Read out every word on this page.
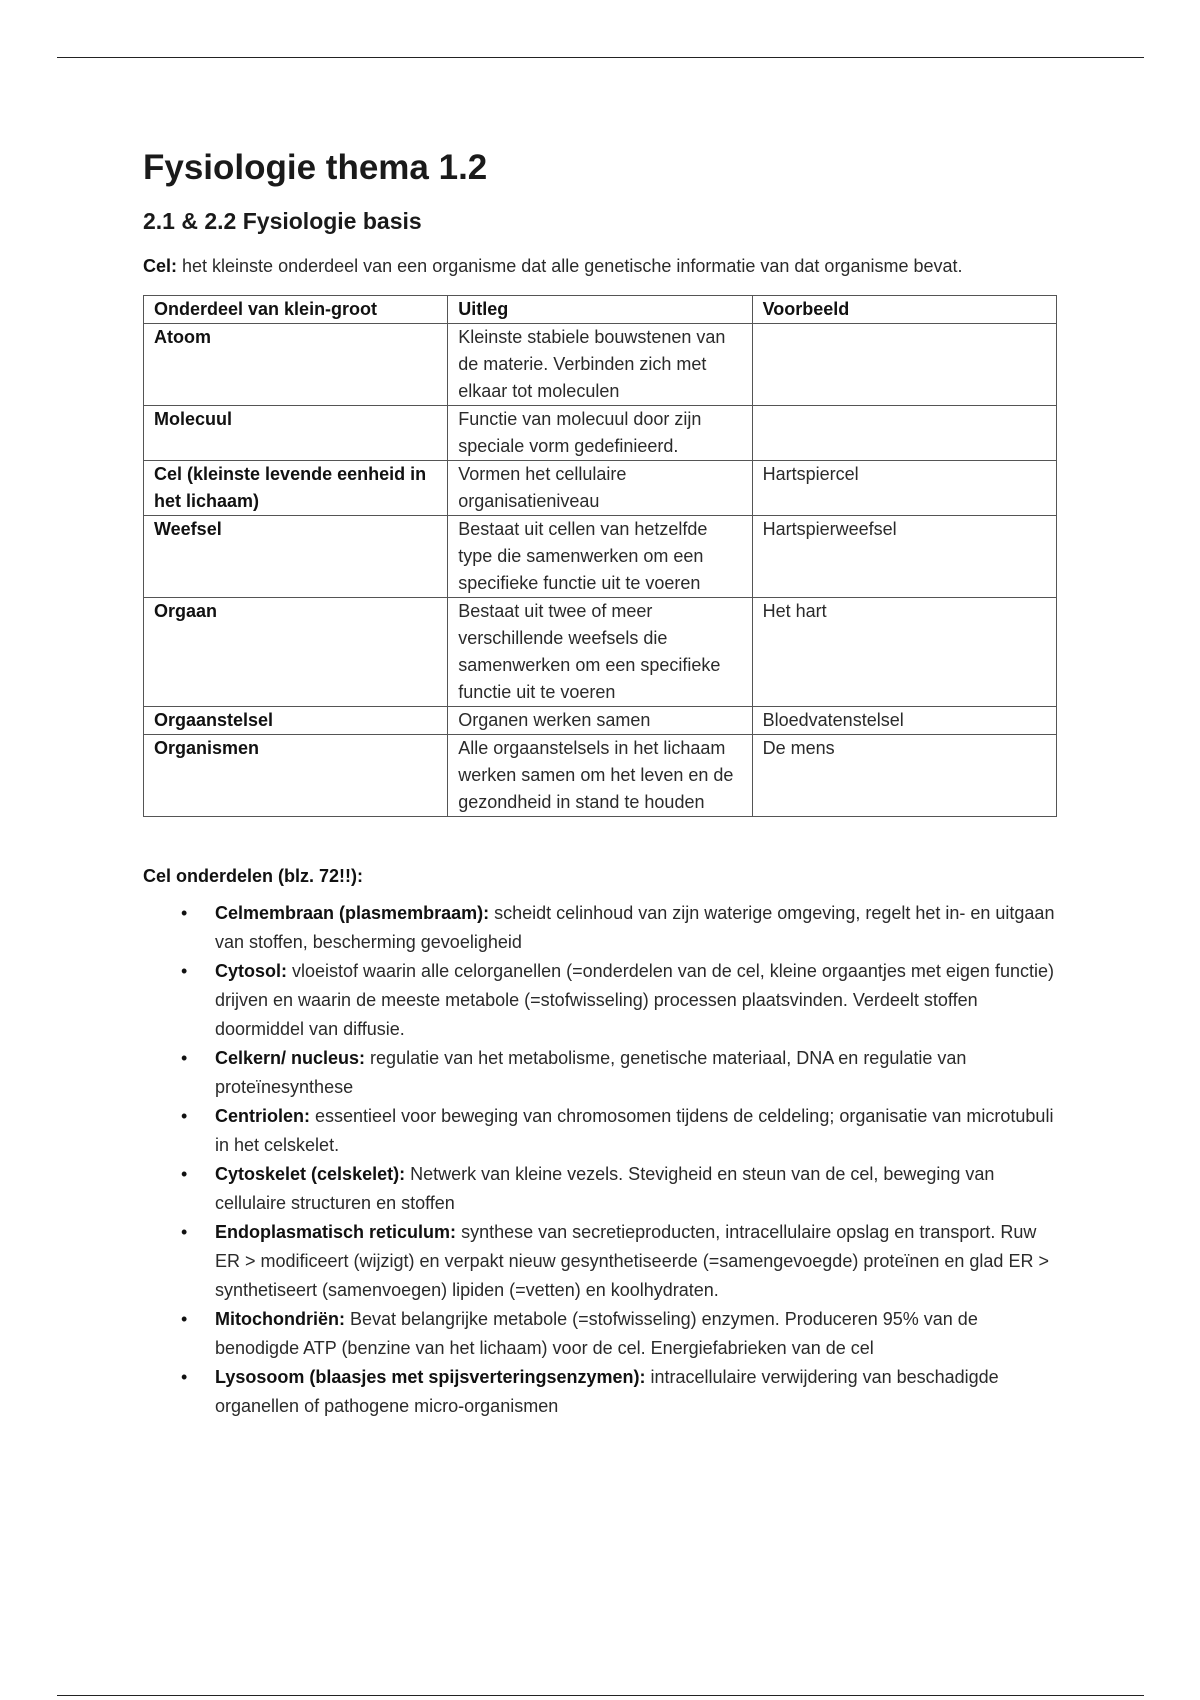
Fysiologie thema 1.2
2.1 & 2.2 Fysiologie basis

Cel: het kleinste onderdeel van een organisme dat alle genetische informatie van dat organisme bevat.

Onderdeel van klein-groot	Uitleg	Voorbeeld
Atoom	Kleinste stabiele bouwstenen van de materie. Verbinden zich met elkaar tot moleculen	
Molecuul	Functie van molecuul door zijn speciale vorm gedefinieerd.	
Cel (kleinste levende eenheid in het lichaam)	Vormen het cellulaire organisatieniveau	Hartspiercel
Weefsel	Bestaat uit cellen van hetzelfde type die samenwerken om een specifieke functie uit te voeren	Hartspierweefsel
Orgaan	Bestaat uit twee of meer verschillende weefsels die samenwerken om een specifieke functie uit te voeren	Het hart
Orgaanstelsel	Organen werken samen	Bloedvatenstelsel
Organismen	Alle orgaanstelsels in het lichaam werken samen om het leven en de gezondheid in stand te houden	De mens

Cel onderdelen (blz. 72!!):

• Celmembraan (plasmembraam): scheidt celinhoud van zijn waterige omgeving, regelt het in- en uitgaan van stoffen, bescherming gevoeligheid
• Cytosol: vloeistof waarin alle celorganellen (=onderdelen van de cel, kleine orgaantjes met eigen functie) drijven en waarin de meeste metabole (=stofwisseling) processen plaatsvinden. Verdeelt stoffen doormiddel van diffusie.
• Celkern/ nucleus: regulatie van het metabolisme, genetische materiaal, DNA en regulatie van proteïnesynthese
• Centriolen: essentieel voor beweging van chromosomen tijdens de celdeling; organisatie van microtubuli in het celskelet.
• Cytoskelet (celskelet): Netwerk van kleine vezels. Stevigheid en steun van de cel, beweging van cellulaire structuren en stoffen
• Endoplasmatisch reticulum: synthese van secretieproducten, intracellulaire opslag en transport. Ruw ER > modificeert (wijzigt) en verpakt nieuw gesynthetiseerde (=samengevoegde) proteïnen en glad ER > synthetiseert (samenvoegen) lipiden (=vetten) en koolhydraten.
• Mitochondriën: Bevat belangrijke metabole (=stofwisseling) enzymen. Produceren 95% van de benodigde ATP (benzine van het lichaam) voor de cel. Energiefabrieken van de cel
• Lysosoom (blaasjes met spijsverteringsenzymen): intracellulaire verwijdering van beschadigde organellen of pathogene micro-organismen
